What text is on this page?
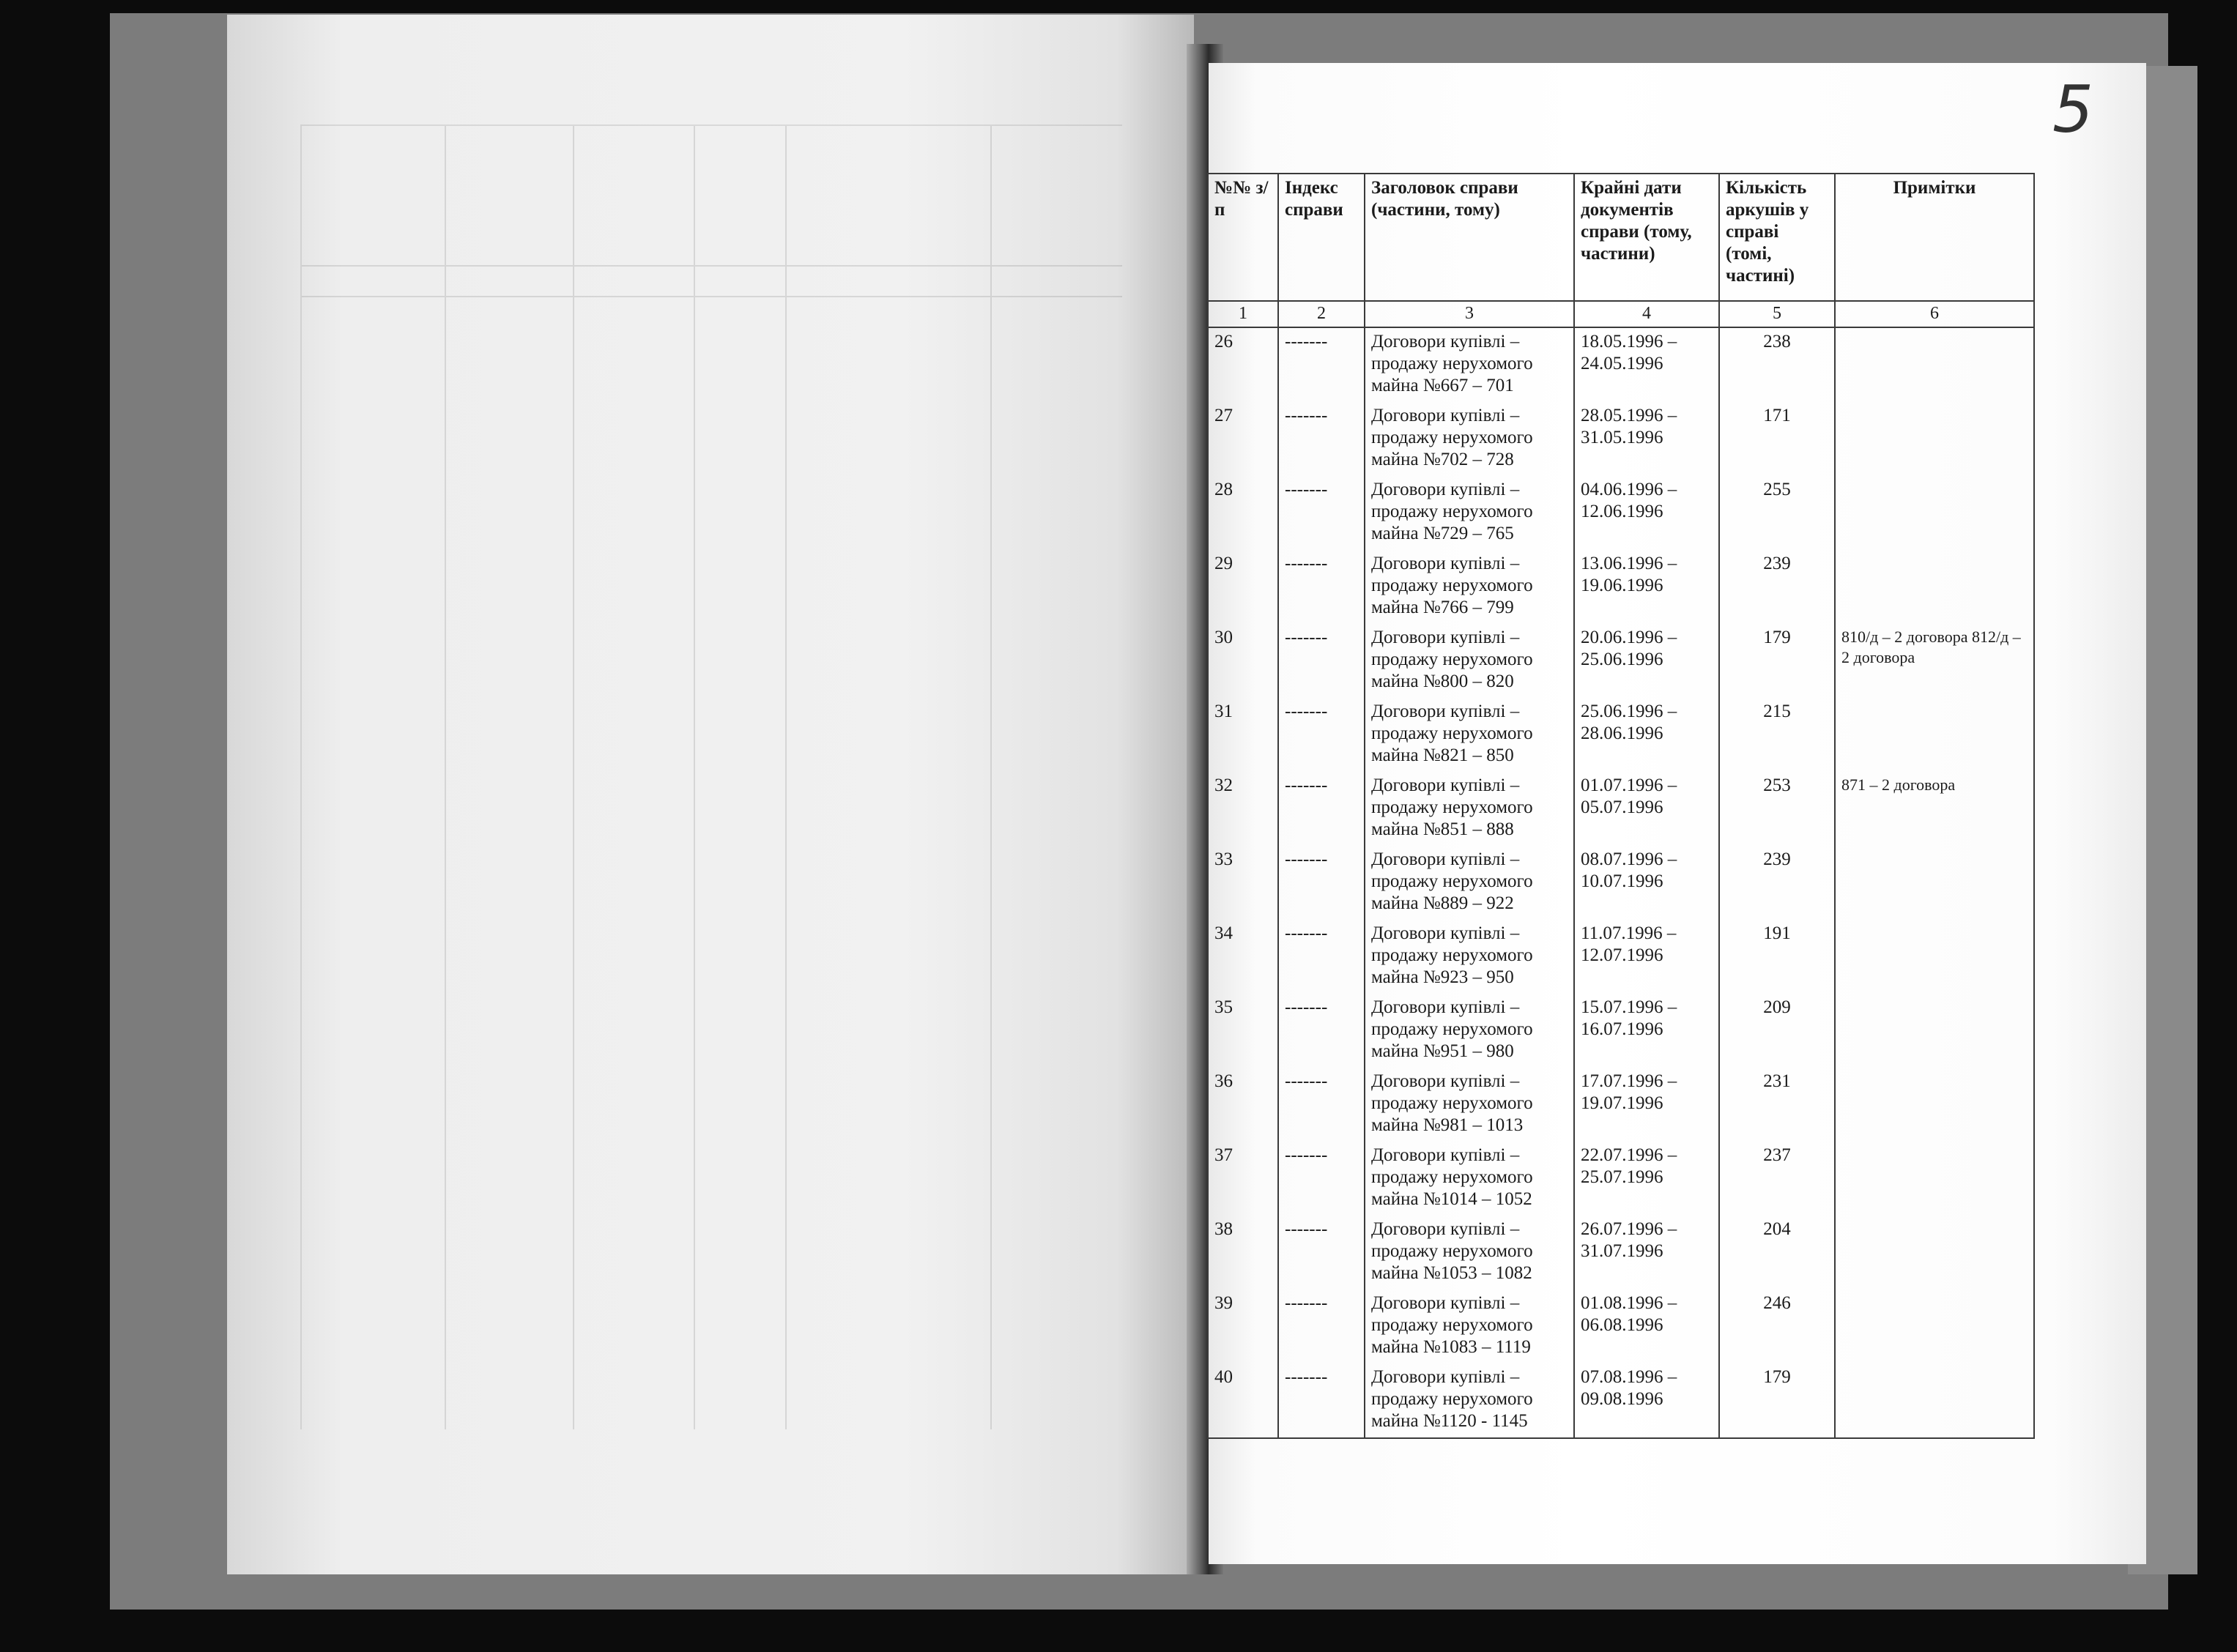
5
№№ з/п	Індекс справи	Заголовок справи (частини, тому)	Крайні дати документів справи (тому, частини)	Кількість аркушів у справі (томі, частині)	Примітки
1	2	3	4	5	6
26	-------	Договори купівлі – продажу нерухомого майна №667 – 701	18.05.1996 – 24.05.1996	238	
27	-------	Договори купівлі – продажу нерухомого майна №702 – 728	28.05.1996 – 31.05.1996	171	
28	-------	Договори купівлі – продажу нерухомого майна №729 – 765	04.06.1996 – 12.06.1996	255	
29	-------	Договори купівлі – продажу нерухомого майна №766 – 799	13.06.1996 – 19.06.1996	239	
30	-------	Договори купівлі – продажу нерухомого майна №800 – 820	20.06.1996 – 25.06.1996	179	810/д – 2 договора 812/д – 2 договора
31	-------	Договори купівлі – продажу нерухомого майна №821 – 850	25.06.1996 – 28.06.1996	215	
32	-------	Договори купівлі – продажу нерухомого майна №851 – 888	01.07.1996 – 05.07.1996	253	871 – 2 договора
33	-------	Договори купівлі – продажу нерухомого майна №889 – 922	08.07.1996 – 10.07.1996	239	
34	-------	Договори купівлі – продажу нерухомого майна №923 – 950	11.07.1996 – 12.07.1996	191	
35	-------	Договори купівлі – продажу нерухомого майна №951 – 980	15.07.1996 – 16.07.1996	209	
36	-------	Договори купівлі – продажу нерухомого майна №981 – 1013	17.07.1996 – 19.07.1996	231	
37	-------	Договори купівлі – продажу нерухомого майна №1014 – 1052	22.07.1996 – 25.07.1996	237	
38	-------	Договори купівлі – продажу нерухомого майна №1053 – 1082	26.07.1996 – 31.07.1996	204	
39	-------	Договори купівлі – продажу нерухомого майна №1083 – 1119	01.08.1996 – 06.08.1996	246	
40	-------	Договори купівлі – продажу нерухомого майна №1120 - 1145	07.08.1996 – 09.08.1996	179	
